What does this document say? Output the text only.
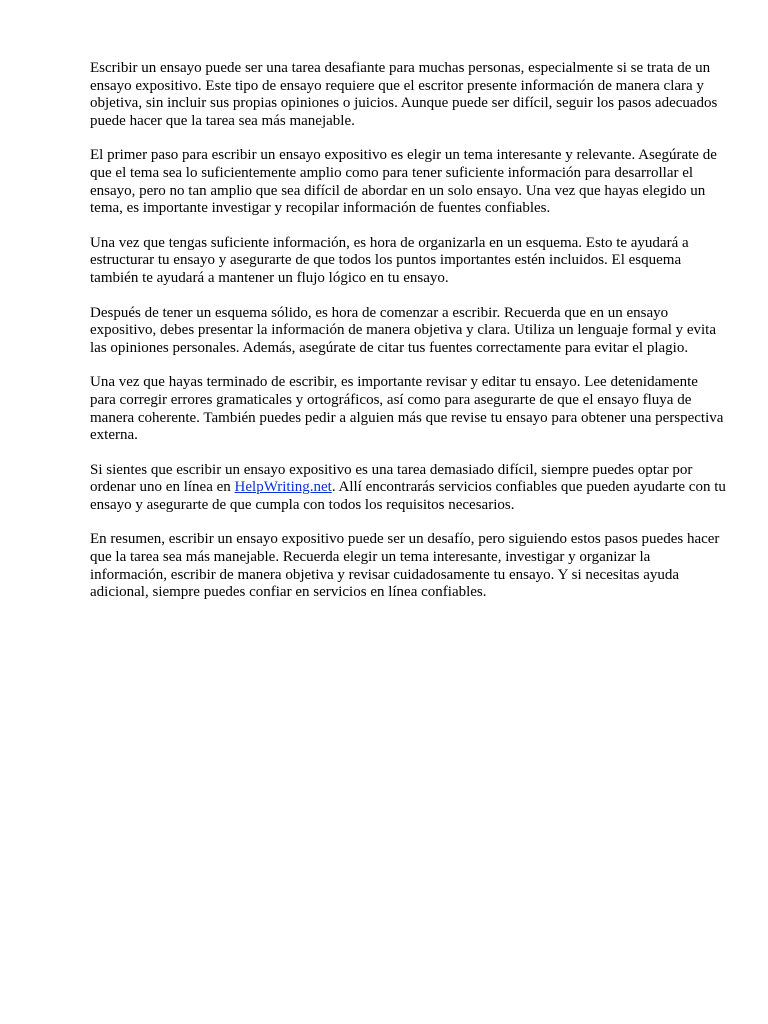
Escribir un ensayo puede ser una tarea desafiante para muchas personas, especialmente si se trata de un ensayo expositivo. Este tipo de ensayo requiere que el escritor presente información de manera clara y objetiva, sin incluir sus propias opiniones o juicios. Aunque puede ser difícil, seguir los pasos adecuados puede hacer que la tarea sea más manejable.

El primer paso para escribir un ensayo expositivo es elegir un tema interesante y relevante. Asegúrate de que el tema sea lo suficientemente amplio como para tener suficiente información para desarrollar el ensayo, pero no tan amplio que sea difícil de abordar en un solo ensayo. Una vez que hayas elegido un tema, es importante investigar y recopilar información de fuentes confiables.

Una vez que tengas suficiente información, es hora de organizarla en un esquema. Esto te ayudará a estructurar tu ensayo y asegurarte de que todos los puntos importantes estén incluidos. El esquema también te ayudará a mantener un flujo lógico en tu ensayo.

Después de tener un esquema sólido, es hora de comenzar a escribir. Recuerda que en un ensayo expositivo, debes presentar la información de manera objetiva y clara. Utiliza un lenguaje formal y evita las opiniones personales. Además, asegúrate de citar tus fuentes correctamente para evitar el plagio.

Una vez que hayas terminado de escribir, es importante revisar y editar tu ensayo. Lee detenidamente para corregir errores gramaticales y ortográficos, así como para asegurarte de que el ensayo fluya de manera coherente. También puedes pedir a alguien más que revise tu ensayo para obtener una perspectiva externa.

Si sientes que escribir un ensayo expositivo es una tarea demasiado difícil, siempre puedes optar por ordenar uno en línea en HelpWriting.net. Allí encontrarás servicios confiables que pueden ayudarte con tu ensayo y asegurarte de que cumpla con todos los requisitos necesarios.

En resumen, escribir un ensayo expositivo puede ser un desafío, pero siguiendo estos pasos puedes hacer que la tarea sea más manejable. Recuerda elegir un tema interesante, investigar y organizar la información, escribir de manera objetiva y revisar cuidadosamente tu ensayo. Y si necesitas ayuda adicional, siempre puedes confiar en servicios en línea confiables.
